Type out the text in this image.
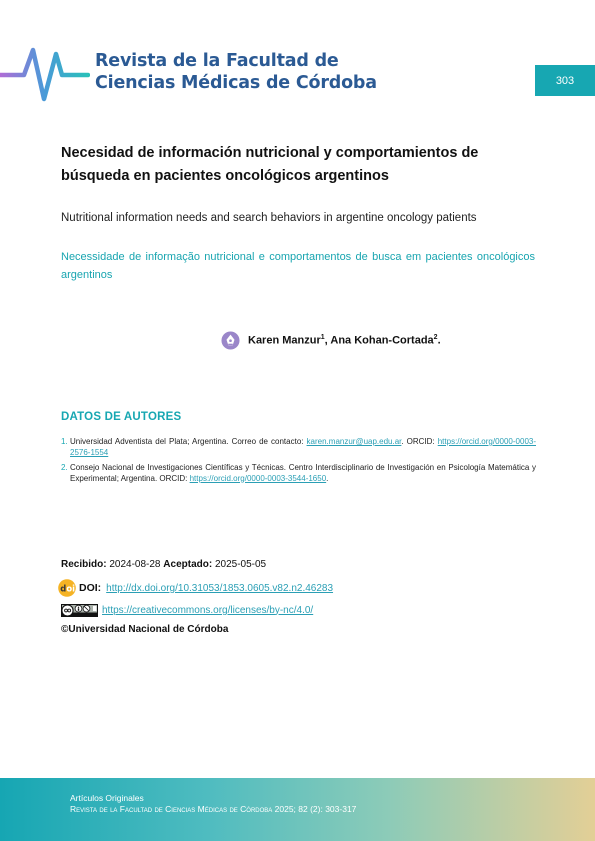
Revista de la Facultad de
Ciencias Médicas de Córdoba	303
Necesidad de información nutricional y comportamientos de búsqueda en pacientes oncológicos argentinos
Nutritional information needs and search behaviors in argentine oncology patients
Necessidade de informação nutricional e comportamentos de busca em pacientes oncológicos argentinos
Karen Manzur$^1$, Ana Kohan-Cortada$^2$.
DATOS DE AUTORES
1. Universidad Adventista del Plata; Argentina. Correo de contacto: karen.manzur@uap.edu.ar. ORCID: https://orcid.org/0000-0003-2576-1554
2. Consejo Nacional de Investigaciones Científicas y Técnicas. Centro Interdisciplinario de Investigación en Psicología Matemática y Experimental; Argentina. ORCID: https://orcid.org/0000-0003-3544-1650.
Recibido: 2024-08-28 Aceptado: 2025-05-05
d oi DOI: http://dx.doi.org/10.31053/1853.0605.v82.n2.46283
https://creativecommons.org/licenses/by-nc/4.0/
©Universidad Nacional de Córdoba
Artículos Originales
Revista de la Facultad de Ciencias Médicas de Córdoba 2025; 82 (2): 303-317
